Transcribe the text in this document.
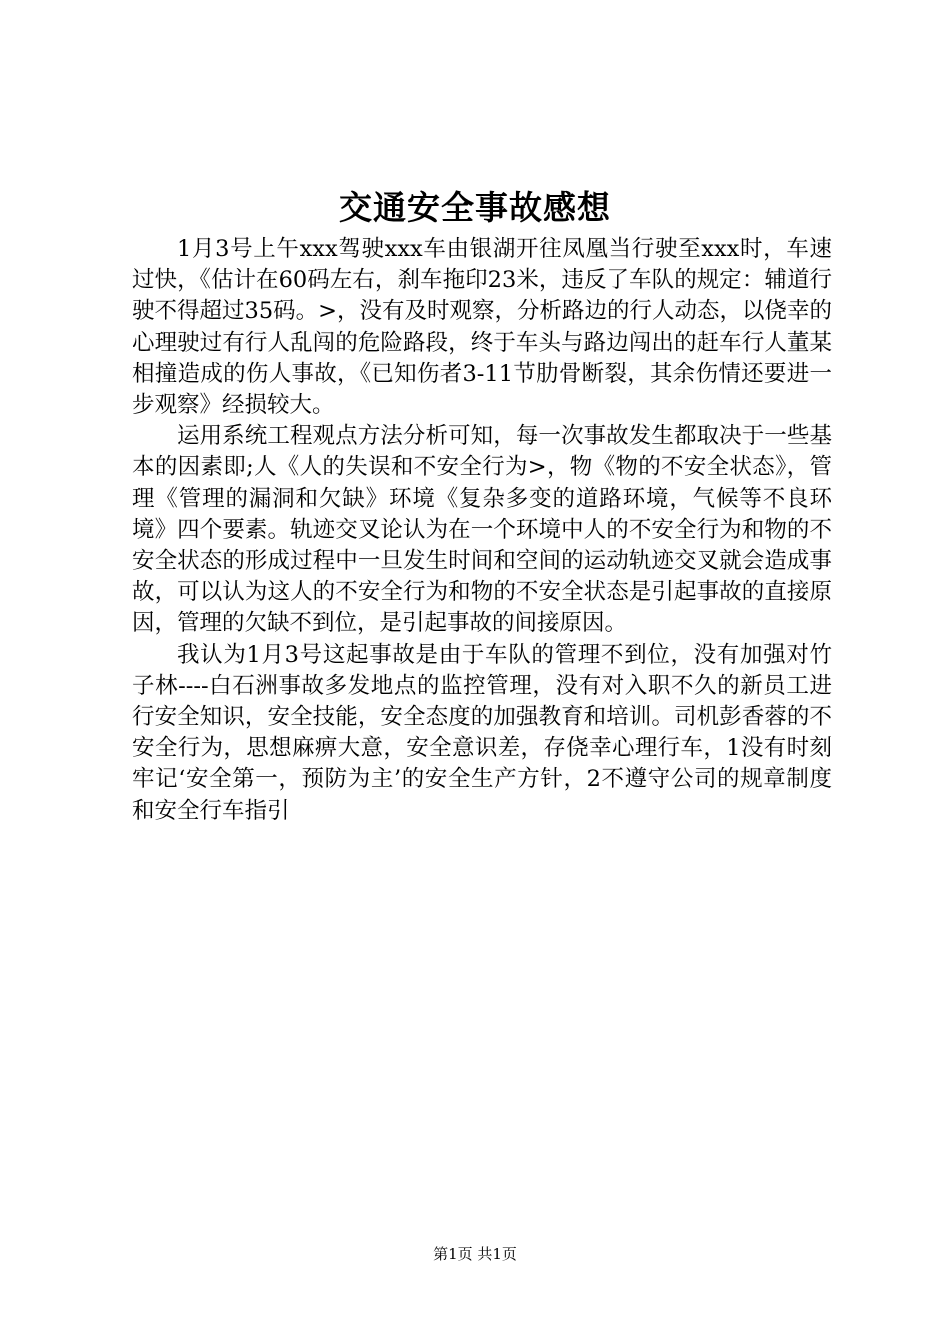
交通安全事故感想

1月3号上午xxx驾驶xxx车由银湖开往凤凰当行驶至xxx时，车速过快，《估计在60码左右，刹车拖印23米，违反了车队的规定：辅道行驶不得超过35码。>，没有及时观察，分析路边的行人动态，以侥幸的心理驶过有行人乱闯的危险路段，终于车头与路边闯出的赶车行人董某相撞造成的伤人事故，《已知伤者3-11节肋骨断裂，其余伤情还要进一步观察》经损较大。

运用系统工程观点方法分析可知，每一次事故发生都取决于一些基本的因素即;人《人的失误和不安全行为>，物《物的不安全状态》，管理《管理的漏洞和欠缺》环境《复杂多变的道路环境，气候等不良环境》四个要素。轨迹交叉论认为在一个环境中人的不安全行为和物的不安全状态的形成过程中一旦发生时间和空间的运动轨迹交叉就会造成事故，可以认为这人的不安全行为和物的不安全状态是引起事故的直接原因，管理的欠缺不到位，是引起事故的间接原因。

我认为1月3号这起事故是由于车队的管理不到位，没有加强对竹子林----白石洲事故多发地点的监控管理，没有对入职不久的新员工进行安全知识，安全技能，安全态度的加强教育和培训。司机彭香蓉的不安全行为，思想麻痹大意，安全意识差，存侥幸心理行车，1没有时刻牢记‘安全第一，预防为主’的安全生产方针，2不遵守公司的规章制度和安全行车指引

第1页 共1页
